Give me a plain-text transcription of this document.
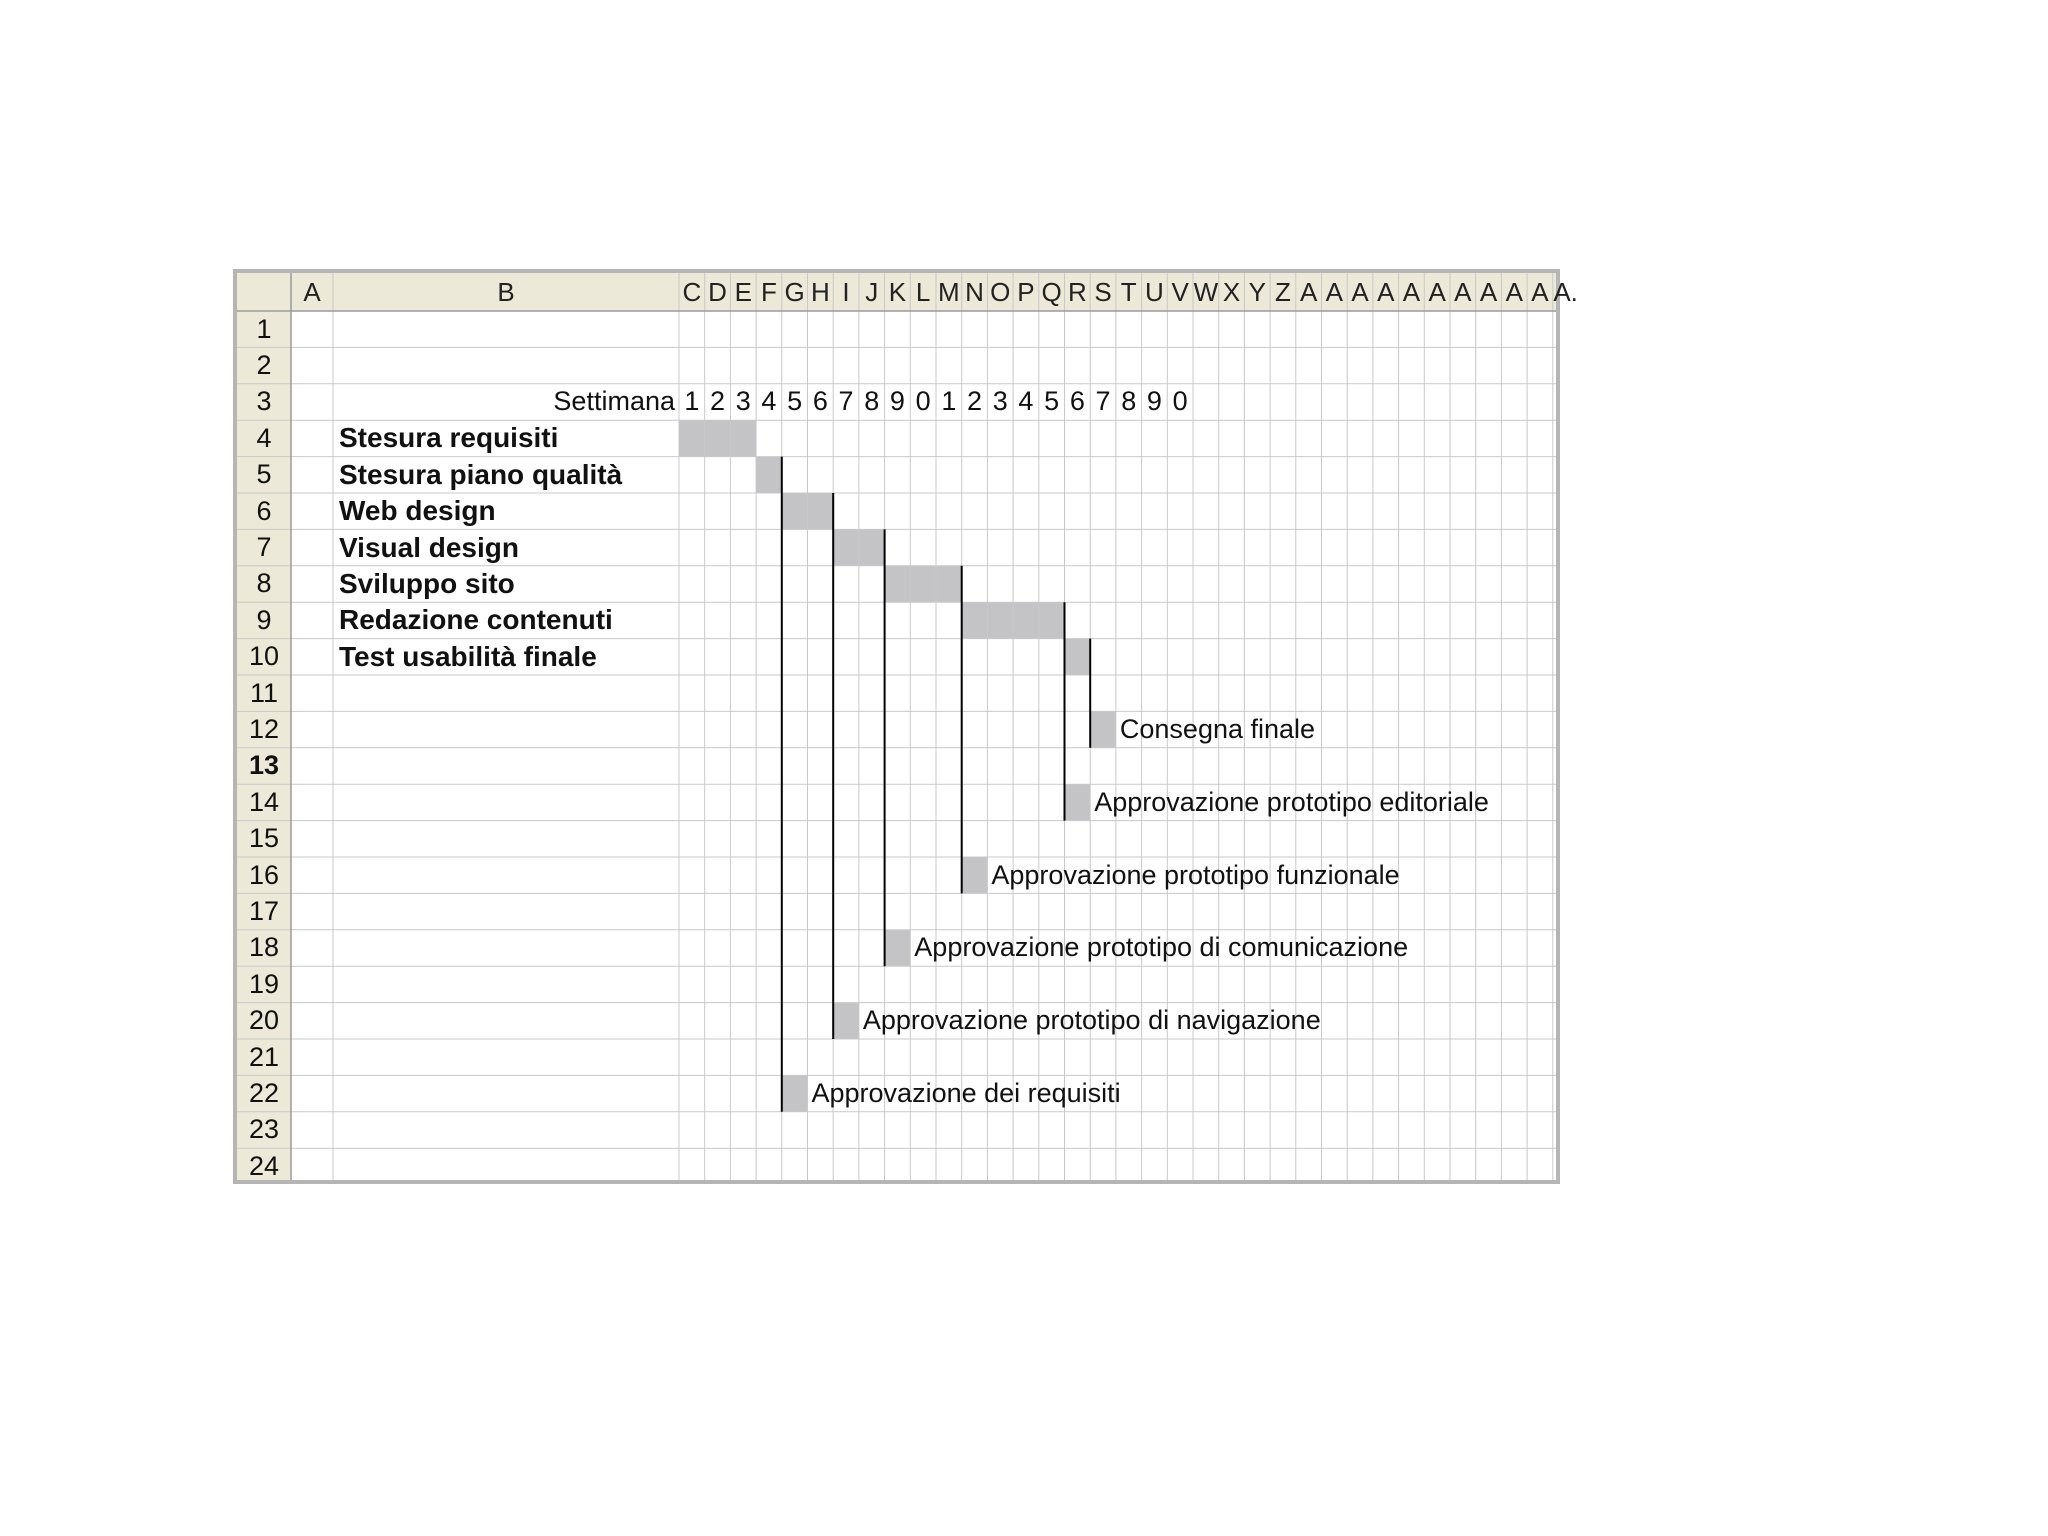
A	B	C D E F G H I J K L M N O P Q R S T U V W X Y Z A A A A A A A A A A A.
1
2
3
4
5
6
7
8
9
10
11
12
13
14
15
16
17
18
19
20
21
22
23
24
Settimana 1 2 3 4 5 6 7 8 9 0 1 2 3 4 5 6 7 8 9 0
Stesura requisiti
Stesura piano qualità
Web design
Visual design
Sviluppo sito
Redazione contenuti
Test usabilità finale
Consegna finale
Approvazione prototipo editoriale
Approvazione prototipo funzionale
Approvazione prototipo di comunicazione
Approvazione prototipo di navigazione
Approvazione dei requisiti
